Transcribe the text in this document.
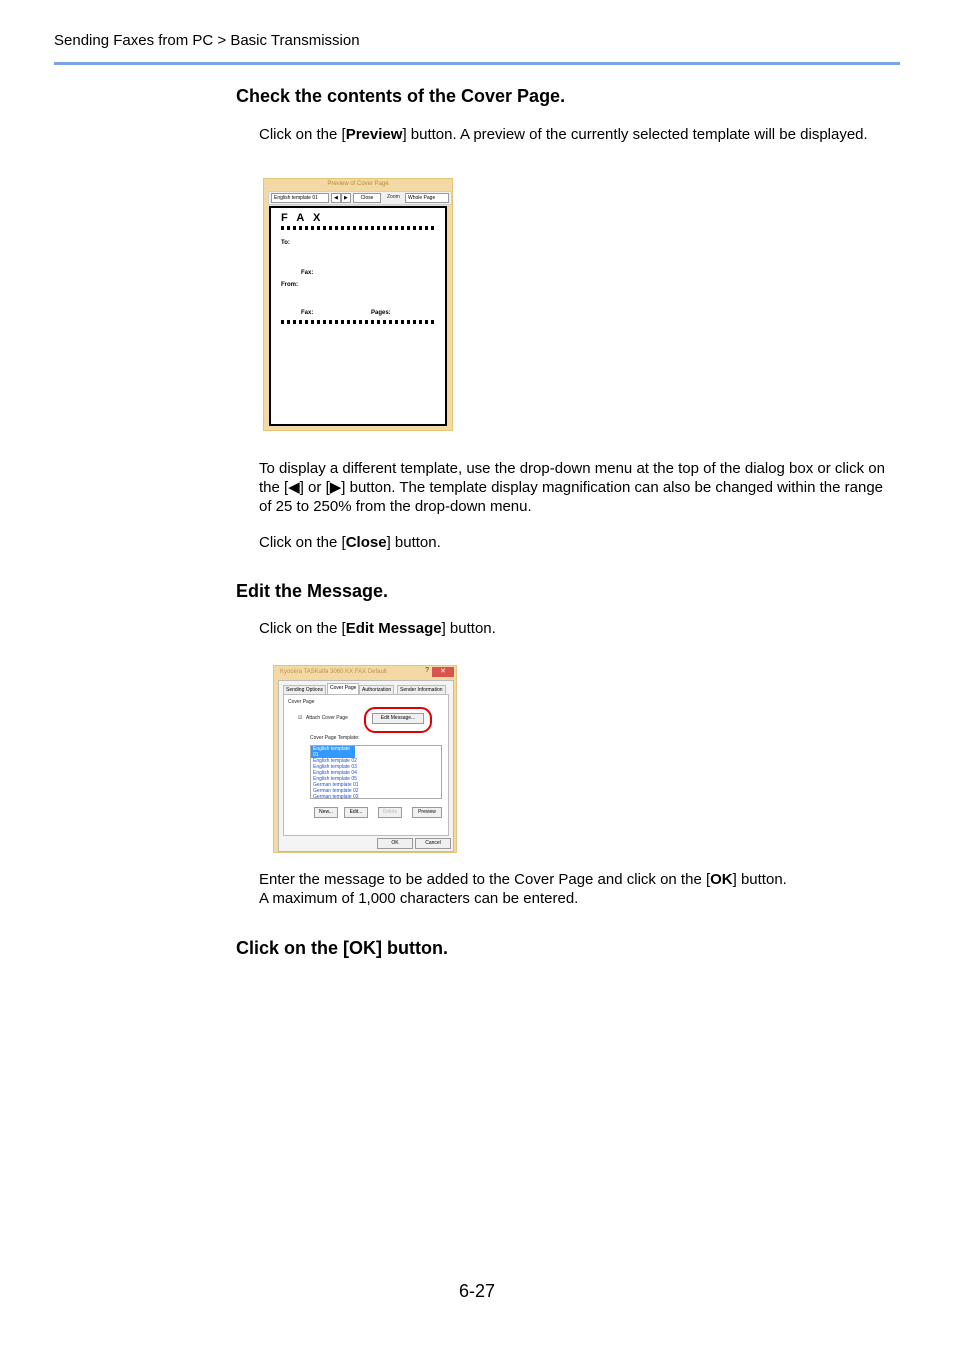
Sending Faxes from PC > Basic Transmission
Check the contents of the Cover Page.
Click on the [Preview] button. A preview of the currently selected template will be displayed.
Preview of Cover Page
English template 01	◀	▶	Close	Zoom	Whole Page
F A X
To:
Fax:
From:
Fax:	Pages:
To display a different template, use the drop-down menu at the top of the dialog box or click on the [◀] or [▶] button. The template display magnification can also be changed within the range of 25 to 250% from the drop-down menu.
Click on the [Close] button.
Edit the Message.
Click on the [Edit Message] button.
Kyocera TASKalfa 3060 KX FAX Default	?	✕
Sending Options	Cover Page	Authorization	Sender Information
Cover Page
☑ Attach Cover Page	Edit Message...
Cover Page Template:
English template 01
English template 02
English template 03
English template 04
English template 05
German template 01
German template 02
German template 03
New...	Edit...	Delete	Preview
OK	Cancel
Enter the message to be added to the Cover Page and click on the [OK] button.
A maximum of 1,000 characters can be entered.
Click on the [OK] button.
6-27
